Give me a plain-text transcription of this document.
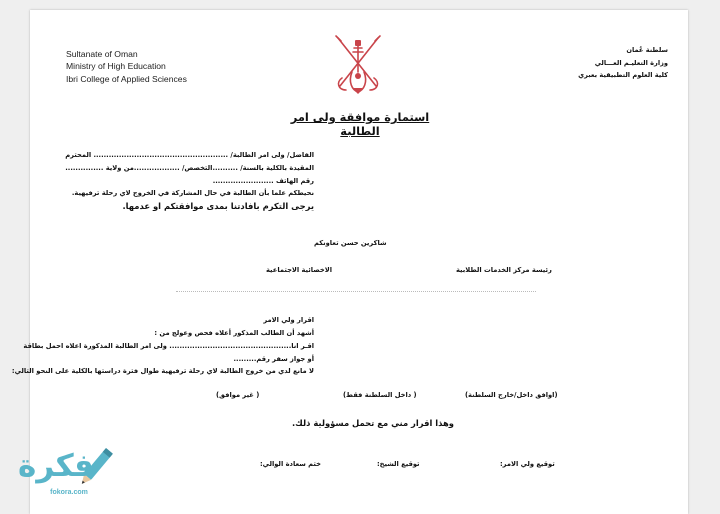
Sultanate of Oman
Ministry of High Education
Ibri College of Applied Sciences
سلطنة عُمان
وزارة التعليـم العـــالي
كلية العلوم التطبيقية بعبري
استمارة موافقة ولى امر الطالبة
الفاضل/ ولى امر الطالبة/ ..................................................... المحترم
المقيدة بالكلية بالسنة/ ..........التخصص/ ..................من ولاية ...............
رقم الهاتف ........................
نحيطكم علما بأن الطالبة في حال المشاركة في الخروج لاي رحلة ترفيهية.
يرجى التكرم بافادتنا بمدى موافقتكم او عدمها.
شاكرين حسن تعاونكم
رئيسة مركز الخدمات الطلابية
الاخصائية الاجتماعية
اقرار ولي الامر
أشهد أن الطالب المذكور أعلاه فحص وعولج من :
اقـر انا................................................ ولى امر الطالبة المذكورة اعلاه احمل بطاقة
أو جواز سفر رقم.........
لا مانع لدي من خروج الطالبة لاي رحلة ترفيهية طوال فترة دراستها بالكلية على النحو التالي:
(اوافق داخل/خارج السلطنة)
( داخل السلطنة فقط)
( غير موافق)
وهذا اقرار مني مع تحمل مسؤولية ذلك.
توقيع ولي الامر:
توقيع الشيخ:
ختم سعادة الوالي:
فكرة
fokora.com
